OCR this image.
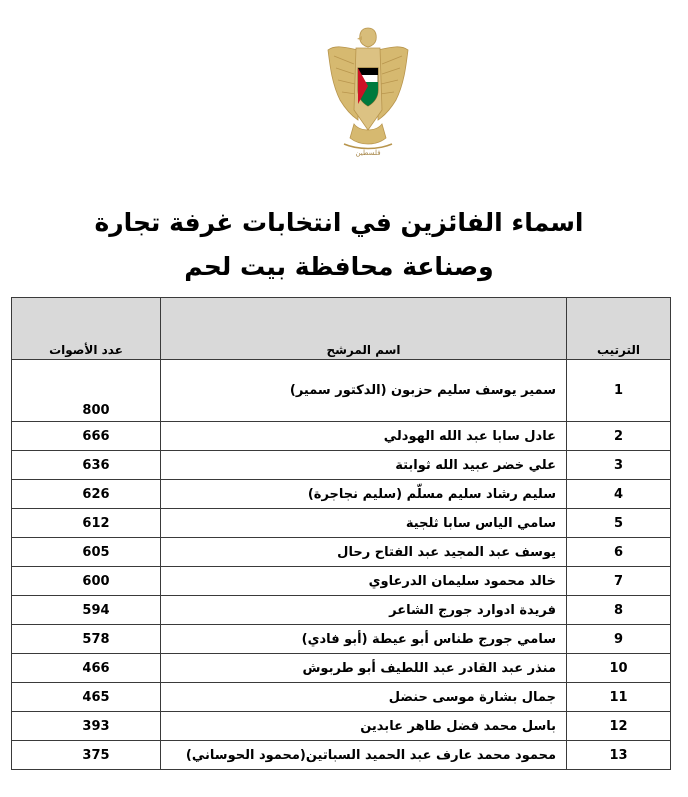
فلسطين
اسماء الفائزين في انتخابات غرفة تجارة
وصناعة محافظة بيت لحم
الترتيب	اسم المرشح	عدد الأصوات
1	سمير يوسف سليم حزبون (الدكتور سمير)	800
2	عادل سابا عبد الله الهودلي	666
3	علي خضر عبيد الله ثوابتة	636
4	سليم رشاد سليم مسلّم (سليم نجاجرة)	626
5	سامي الياس سابا ثلجية	612
6	يوسف عبد المجيد عبد الفتاح رحال	605
7	خالد محمود سليمان الدرعاوي	600
8	فريدة ادوارد جورج الشاعر	594
9	سامي جورج طناس أبو عيطة (أبو فادي)	578
10	منذر عبد القادر عبد اللطيف أبو طربوش	466
11	جمال بشارة موسى حنضل	465
12	باسل محمد فضل طاهر عابدين	393
13	محمود محمد عارف عبد الحميد السباتين(محمود الحوساني)	375
